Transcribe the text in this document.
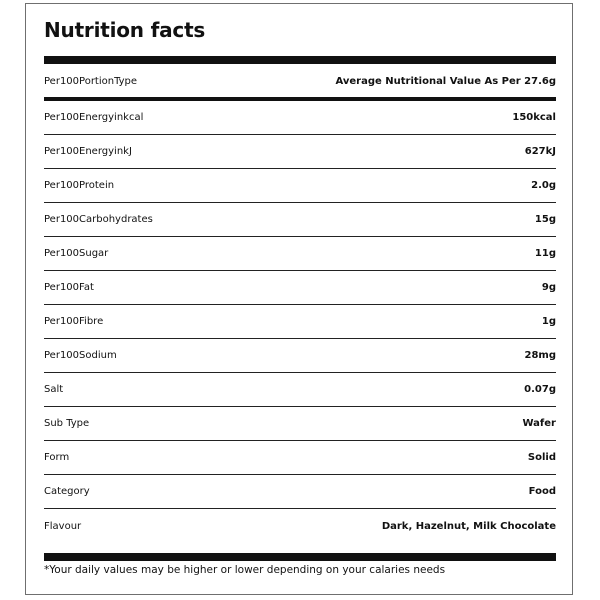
Nutrition facts
Per100PortionType	Average Nutritional Value As Per 27.6g
Per100Energyinkcal	150kcal
Per100EnergyinkJ	627kJ
Per100Protein	2.0g
Per100Carbohydrates	15g
Per100Sugar	11g
Per100Fat	9g
Per100Fibre	1g
Per100Sodium	28mg
Salt	0.07g
Sub Type	Wafer
Form	Solid
Category	Food
Flavour	Dark, Hazelnut, Milk Chocolate
*Your daily values may be higher or lower depending on your calaries needs
